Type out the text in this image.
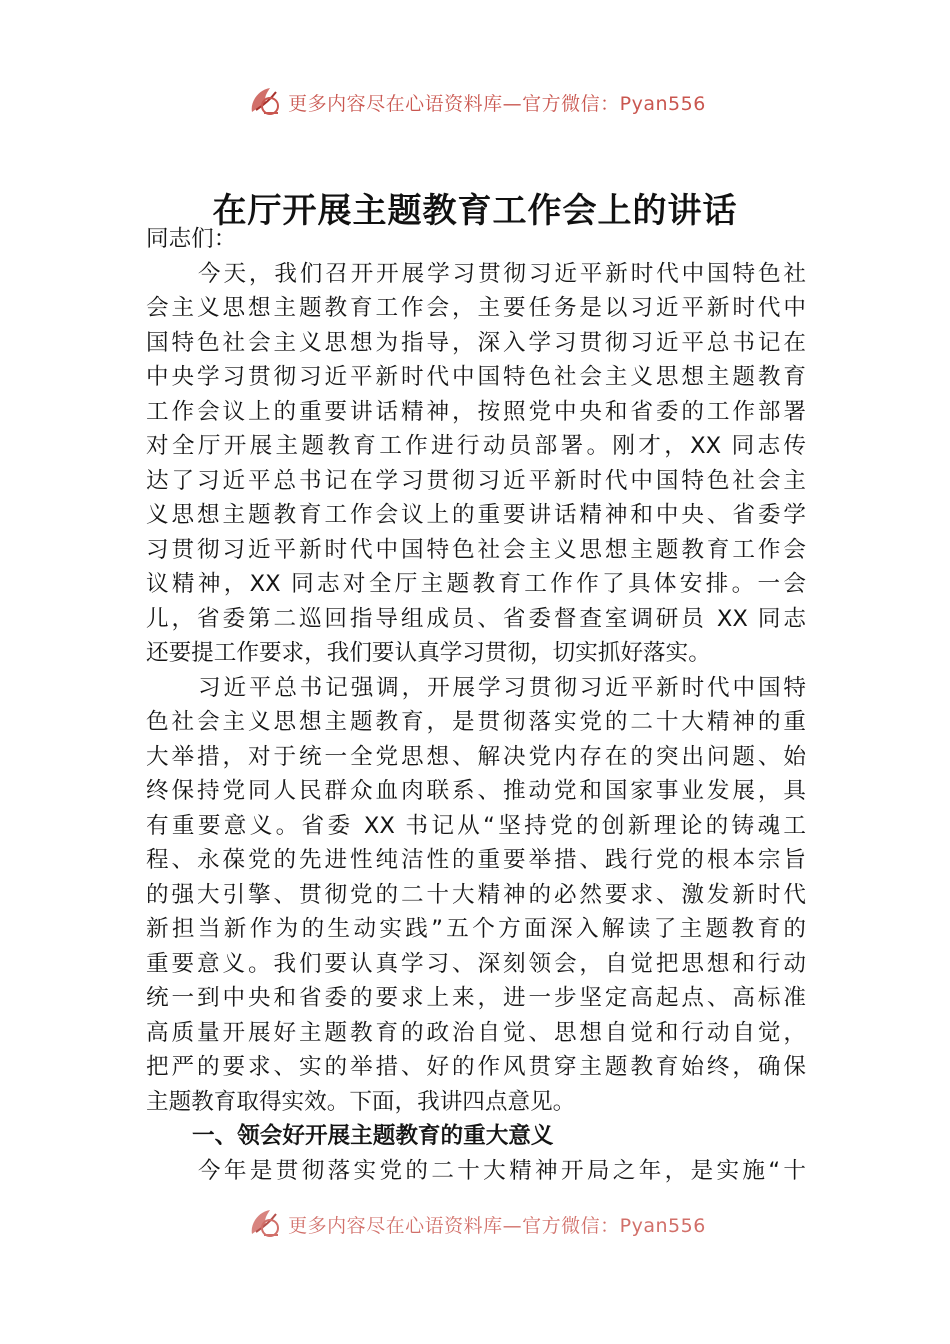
更多内容尽在心语资料库—官方微信：Pyan556
在厅开展主题教育工作会上的讲话
同志们：
今天，我们召开开展学习贯彻习近平新时代中国特色社
会主义思想主题教育工作会，主要任务是以习近平新时代中
国特色社会主义思想为指导，深入学习贯彻习近平总书记在
中央学习贯彻习近平新时代中国特色社会主义思想主题教育
工作会议上的重要讲话精神，按照党中央和省委的工作部署
对全厅开展主题教育工作进行动员部署。刚才，XX 同志传
达了习近平总书记在学习贯彻习近平新时代中国特色社会主
义思想主题教育工作会议上的重要讲话精神和中央、省委学
习贯彻习近平新时代中国特色社会主义思想主题教育工作会
议精神，XX 同志对全厅主题教育工作作了具体安排。一会
儿，省委第二巡回指导组成员、省委督查室调研员 XX 同志
还要提工作要求，我们要认真学习贯彻，切实抓好落实。
习近平总书记强调，开展学习贯彻习近平新时代中国特
色社会主义思想主题教育，是贯彻落实党的二十大精神的重
大举措，对于统一全党思想、解决党内存在的突出问题、始
终保持党同人民群众血肉联系、推动党和国家事业发展，具
有重要意义。省委 XX 书记从“坚持党的创新理论的铸魂工
程、永葆党的先进性纯洁性的重要举措、践行党的根本宗旨
的强大引擎、贯彻党的二十大精神的必然要求、激发新时代
新担当新作为的生动实践”五个方面深入解读了主题教育的
重要意义。我们要认真学习、深刻领会，自觉把思想和行动
统一到中央和省委的要求上来，进一步坚定高起点、高标准
高质量开展好主题教育的政治自觉、思想自觉和行动自觉，
把严的要求、实的举措、好的作风贯穿主题教育始终，确保
主题教育取得实效。下面，我讲四点意见。
一、领会好开展主题教育的重大意义
今年是贯彻落实党的二十大精神开局之年，是实施“十
更多内容尽在心语资料库—官方微信：Pyan556
